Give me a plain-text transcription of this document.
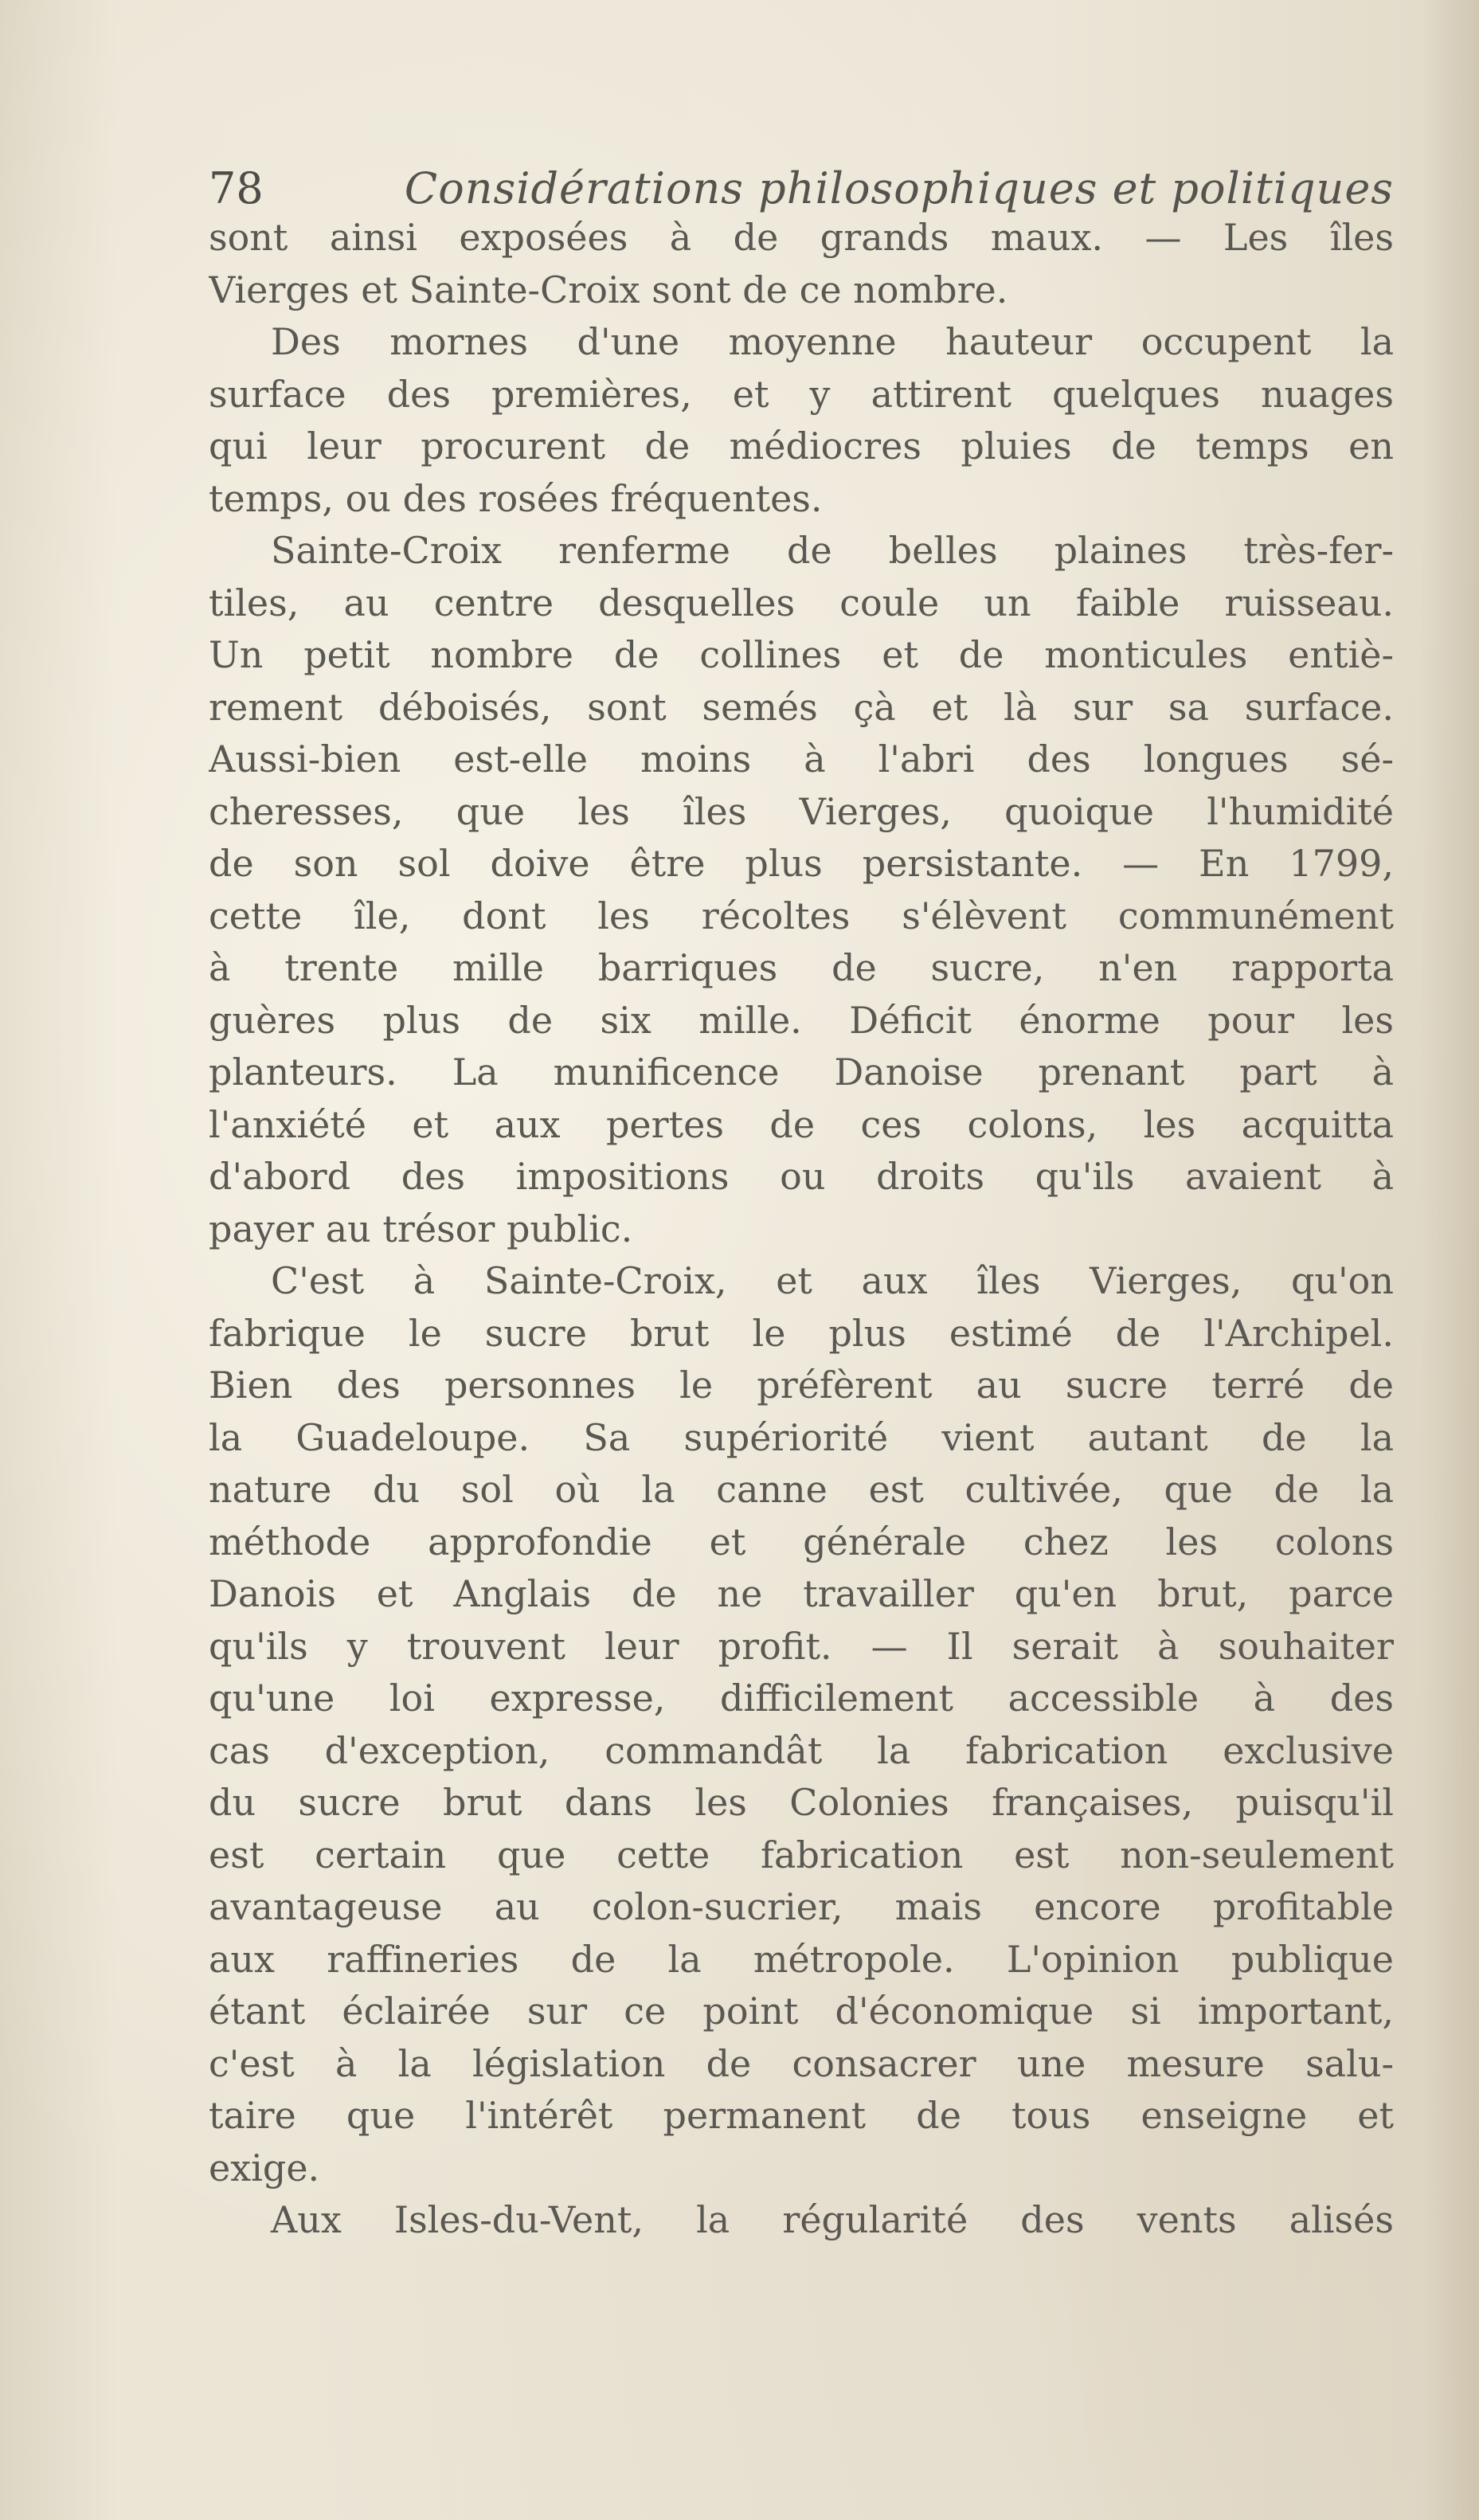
78	Considérations philosophiques et politiques
sont ainsi exposées à de grands maux. — Les îles
Vierges et Sainte-Croix sont de ce nombre.
Des mornes d'une moyenne hauteur occupent la
surface des premières, et y attirent quelques nuages
qui leur procurent de médiocres pluies de temps en
temps, ou des rosées fréquentes.
Sainte-Croix renferme de belles plaines très-fer-
tiles, au centre desquelles coule un faible ruisseau.
Un petit nombre de collines et de monticules entiè-
rement déboisés, sont semés çà et là sur sa surface.
Aussi-bien est-elle moins à l'abri des longues sé-
cheresses, que les îles Vierges, quoique l'humidité
de son sol doive être plus persistante. — En 1799,
cette île, dont les récoltes s'élèvent communément
à trente mille barriques de sucre, n'en rapporta
guères plus de six mille. Déficit énorme pour les
planteurs. La munificence Danoise prenant part à
l'anxiété et aux pertes de ces colons, les acquitta
d'abord des impositions ou droits qu'ils avaient à
payer au trésor public.
C'est à Sainte-Croix, et aux îles Vierges, qu'on
fabrique le sucre brut le plus estimé de l'Archipel.
Bien des personnes le préfèrent au sucre terré de
la Guadeloupe. Sa supériorité vient autant de la
nature du sol où la canne est cultivée, que de la
méthode approfondie et générale chez les colons
Danois et Anglais de ne travailler qu'en brut, parce
qu'ils y trouvent leur profit. — Il serait à souhaiter
qu'une loi expresse, difficilement accessible à des
cas d'exception, commandât la fabrication exclusive
du sucre brut dans les Colonies françaises, puisqu'il
est certain que cette fabrication est non-seulement
avantageuse au colon-sucrier, mais encore profitable
aux raffineries de la métropole. L'opinion publique
étant éclairée sur ce point d'économique si important,
c'est à la législation de consacrer une mesure salu-
taire que l'intérêt permanent de tous enseigne et
exige.
Aux Isles-du-Vent, la régularité des vents alisés
